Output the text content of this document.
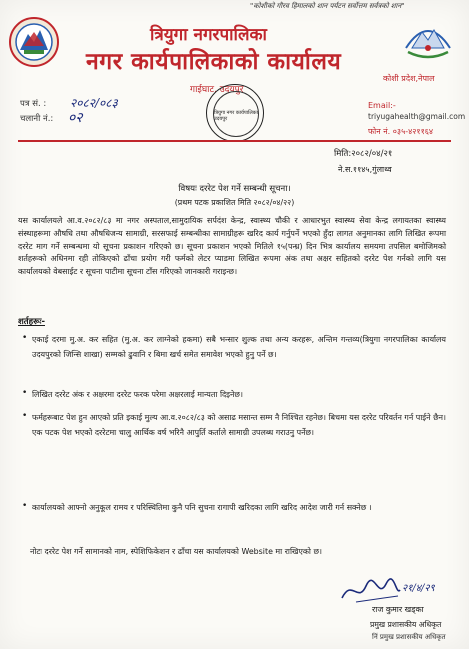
"कोशीको गौरव हिमालको शान पर्यटन सर्वोत्तम सर्वत्रको शान"
त्रियुगा नगरपालिका
नगर कार्यपालिकाको कार्यालय
गाईघाट, उदयपुर
कोशी प्रदेश,नेपाल
पत्र सं. : २०८२/०८३
चलानी नं.: ०२
Email:-
triyugahealth@gmail.com
फोन नं. ०३५-४२११६४
त्रियुगा नगर कार्यपालिका उदयपुर
मिति:२०८२/०४/२१
ने.स.११४५,गुंलाथ्व
विषयः दररेट पेश गर्ने सम्बन्धी सूचना।
(प्रथम पटक प्रकाशित मिति २०८२/०४/२२)
यस कार्यालयले आ.व.२०८२/८३ मा नगर अस्पताल,सामुदायिक सर्पदंश केन्द्र, स्वास्थ्य चौकी र आधारभुत स्वास्थ्य सेवा केन्द्र लगायतका स्वास्थ्य संस्थाहरूमा औषधि तथा औषधिजन्य सामाग्री, सरसफाई सम्बन्धीका सामाग्रीहरू खरिद कार्य गर्नुपर्ने भएको हुँदा लागत अनुमानका लागि लिखित रूपमा दररेट माग गर्ने सम्बन्धमा यो सूचना प्रकाशन गरिएको छ। सूचना प्रकाशन भएको मितिले १५(पन्ध्र) दिन भित्र कार्यालय समयमा तपसिल बमोजिमको शर्तहरूको अधिनमा रही तोकिएको ढाँचा प्रयोग गरी फर्मको लेटर प्याडमा लिखित रूपमा अंक तथा अक्षर सहितको दररेट पेश गर्नको लागि यस कार्यालयको वेबसाईट र सूचना पाटीमा सूचना टाँस गरिएको जानकारी गराइन्छ।
शर्तहरूः-
• एकाई दरमा मु.अ. कर सहित (मु.अ. कर लाग्नेको हकमा) सबै भन्सार शुल्क तथा अन्य करहरू, अन्तिम गन्तव्य(त्रियुगा नगरपालिका कार्यालय उदयपुरको जिन्सि शाखा) सम्मको ढुवानि र बिमा खर्च समेत समावेश भएको हुनु पर्ने छ।
• लिखित दररेट अंक र अक्षरमा दररेट फरक परेमा अक्षरलाई मान्यता दिइनेछ।
• फर्महरूबाट पेश हुन आएको प्रति इकाई मुल्य आ.व.२०८२/८३ को असाढ मसान्त सम्म नै निश्चित रहनेछ। बिचमा यस दररेट परिवर्तन गर्न पाईने छैन। एक पटक पेश भएको दररेटमा चालु आर्थिक वर्ष भरिनै आपुर्ति कर्ताले सामाग्री उपलब्ध गराउनु पर्नेछ।
• कार्यालयको आफ्नो अनुकूल रामय र परिस्थितिमा कुनै पनि सुचना रागापी खरिदका लागि खरिद आदेश जारी गर्न सक्नेछ ।
नोटः दररेट पेश गर्ने सामानको नाम, स्पेशिफिकेशन र ढाँचा यस कार्यालयको Website मा राखिएको छ।
२१/४/२९
राज कुमार खड्का
प्रमुख प्रशासकीय अधिकृत
निं प्रमुख प्रशासकीय अधिकृत
